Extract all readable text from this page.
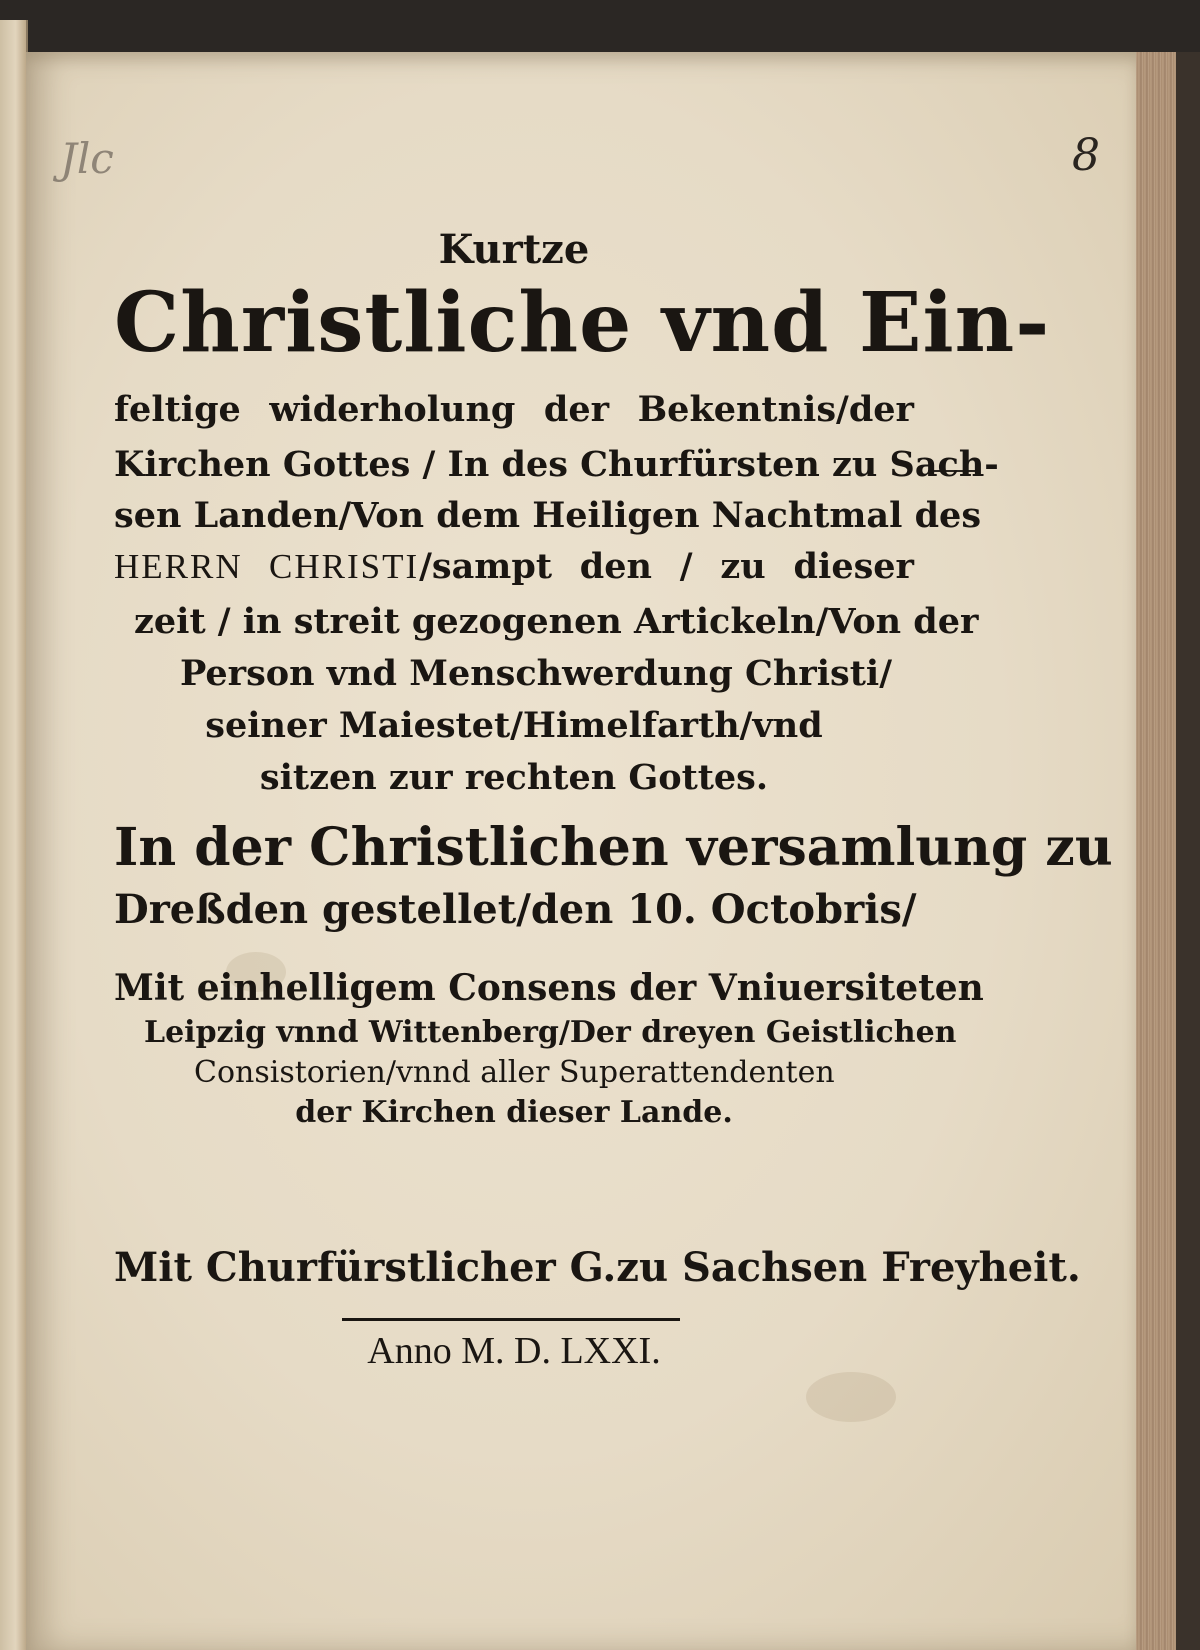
Jlc	8
Kurtze
Christliche vnd Ein-
feltige widerholung der Bekentnis/der
Kirchen Gottes / In des Churfürsten zu Sach-
sen Landen/Von dem Heiligen Nachtmal des
HERRN CHRISTI/sampt den / zu dieser
zeit / in streit gezogenen Artickeln/Von der
Person vnd Menschwerdung Christi/
seiner Maiestet/Himelfarth/vnd
sitzen zur rechten Gottes.
In der Christlichen versamlung zu
Dreßden gestellet/den 10. Octobris/
Mit einhelligem Consens der Vniuersiteten
Leipzig vnnd Wittenberg/Der dreyen Geistlichen
Consistorien/vnnd aller Superattendenten
der Kirchen dieser Lande.
Mit Churfürstlicher G.zu Sachsen Freyheit.
Anno M. D. LXXI.
